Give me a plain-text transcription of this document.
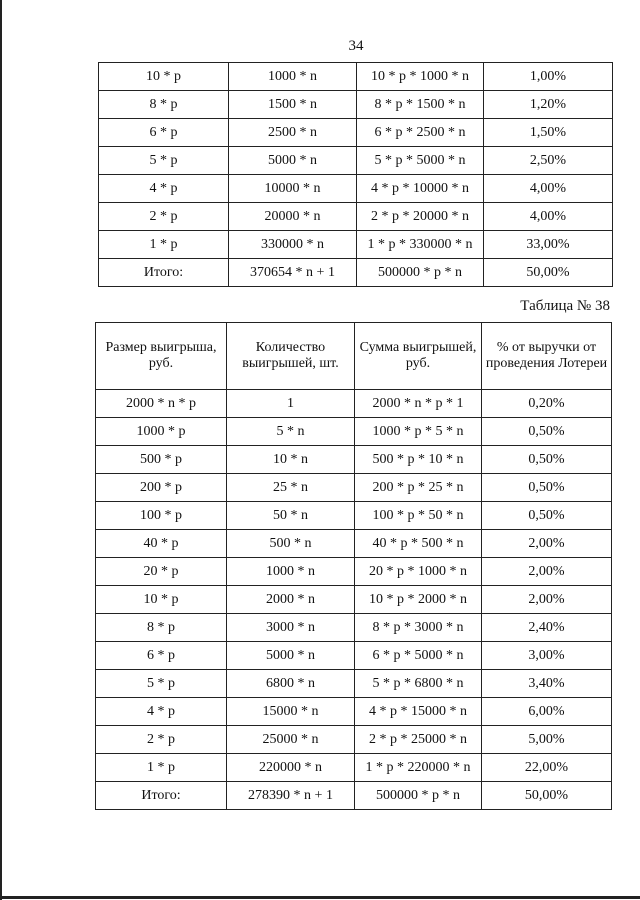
34
10 * p	1000 * n	10 * p * 1000 * n	1,00%
8 * p	1500 * n	8 * p * 1500 * n	1,20%
6 * p	2500 * n	6 * p * 2500 * n	1,50%
5 * p	5000 * n	5 * p * 5000 * n	2,50%
4 * p	10000 * n	4 * p * 10000 * n	4,00%
2 * p	20000 * n	2 * p * 20000 * n	4,00%
1 * p	330000 * n	1 * p * 330000 * n	33,00%
Итого:	370654 * n + 1	500000 * p * n	50,00%
Таблица № 38
Размер выигрыша, руб.	Количество выигрышей, шт.	Сумма выигрышей, руб.	% от выручки от проведения Лотереи
2000 * n * p	1	2000 * n * p * 1	0,20%
1000 * p	5 * n	1000 * p * 5 * n	0,50%
500 * p	10 * n	500 * p * 10 * n	0,50%
200 * p	25 * n	200 * p * 25 * n	0,50%
100 * p	50 * n	100 * p * 50 * n	0,50%
40 * p	500 * n	40 * p * 500 * n	2,00%
20 * p	1000 * n	20 * p * 1000 * n	2,00%
10 * p	2000 * n	10 * p * 2000 * n	2,00%
8 * p	3000 * n	8 * p * 3000 * n	2,40%
6 * p	5000 * n	6 * p * 5000 * n	3,00%
5 * p	6800 * n	5 * p * 6800 * n	3,40%
4 * p	15000 * n	4 * p * 15000 * n	6,00%
2 * p	25000 * n	2 * p * 25000 * n	5,00%
1 * p	220000 * n	1 * p * 220000 * n	22,00%
Итого:	278390 * n + 1	500000 * p * n	50,00%
